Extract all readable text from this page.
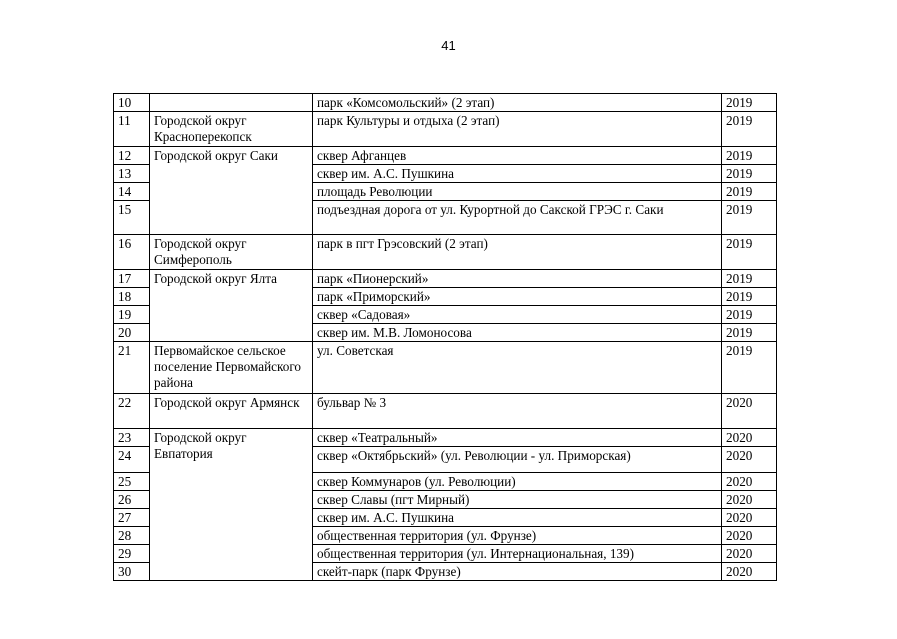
41
10		парк «Комсомольский» (2 этап)	2019
11	Городской округ Красноперекопск	парк Культуры и отдыха (2 этап)	2019
12	Городской округ Саки	сквер Афганцев	2019
13		сквер им. А.С. Пушкина	2019
14		площадь Революции	2019
15		подъездная дорога от ул. Курортной до Сакской ГРЭС г. Саки	2019
16	Городской округ Симферополь	парк в пгт Грэсовский (2 этап)	2019
17	Городской округ Ялта	парк «Пионерский»	2019
18		парк «Приморский»	2019
19		сквер «Садовая»	2019
20		сквер им. М.В. Ломоносова	2019
21	Первомайское сельское поселение Первомайского района	ул. Советская	2019
22	Городской округ Армянск	бульвар № 3	2020
23	Городской округ Евпатория	сквер «Театральный»	2020
24		сквер «Октябрьский» (ул. Революции - ул. Приморская)	2020
25		сквер Коммунаров (ул. Революции)	2020
26		сквер Славы (пгт Мирный)	2020
27		сквер им. А.С. Пушкина	2020
28		общественная территория (ул. Фрунзе)	2020
29		общественная территория (ул. Интернациональная, 139)	2020
30		скейт-парк (парк Фрунзе)	2020
